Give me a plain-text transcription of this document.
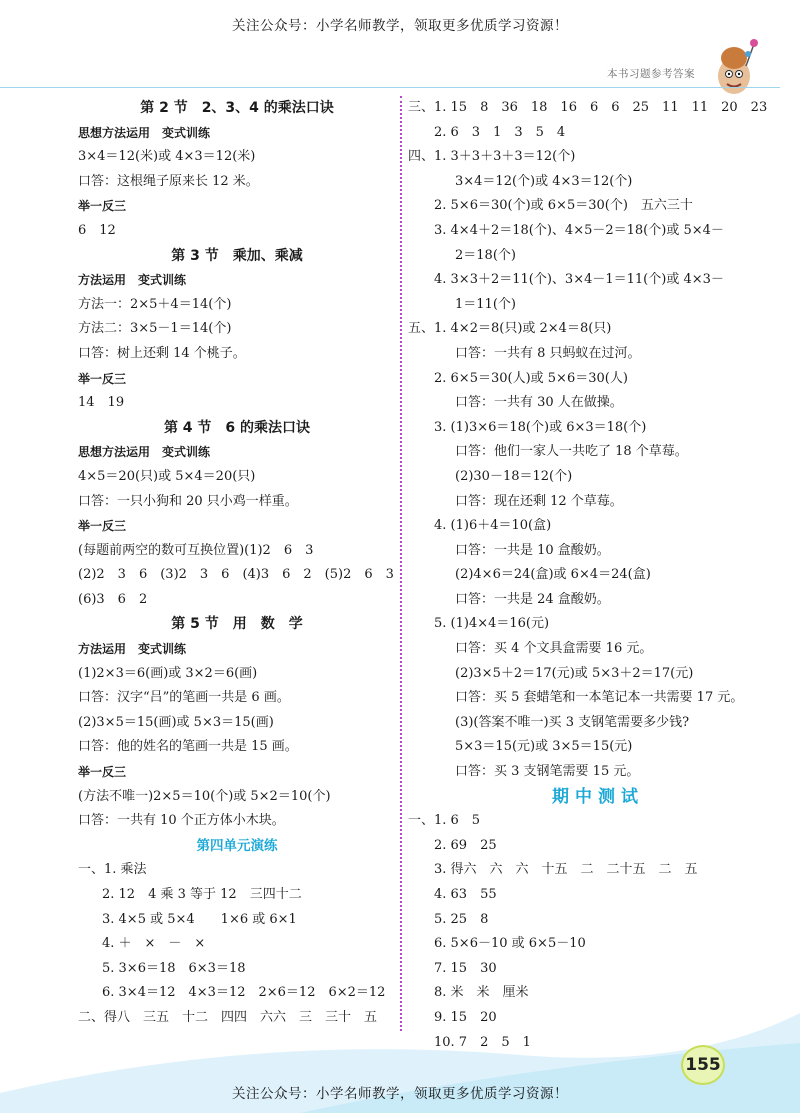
关注公众号：小学名师教学，领取更多优质学习资源！
本书习题参考答案
第 2 节　2、3、4 的乘法口诀
思想方法运用　变式训练
3×4＝12(米)或 4×3＝12(米)
口答：这根绳子原来长 12 米。
举一反三
6　12
第 3 节　乘加、乘减
方法运用　变式训练
方法一：2×5＋4＝14(个)
方法二：3×5－1＝14(个)
口答：树上还剩 14 个桃子。
举一反三
14　19
第 4 节　6 的乘法口诀
思想方法运用　变式训练
4×5＝20(只)或 5×4＝20(只)
口答：一只小狗和 20 只小鸡一样重。
举一反三
(每题前两空的数可互换位置)(1)2　6　3
(2)2　3　6　(3)2　3　6　(4)3　6　2　(5)2　6　3
(6)3　6　2
第 5 节　用　数　学
方法运用　变式训练
(1)2×3＝6(画)或 3×2＝6(画)
口答：汉字“吕”的笔画一共是 6 画。
(2)3×5＝15(画)或 5×3＝15(画)
口答：他的姓名的笔画一共是 15 画。
举一反三
(方法不唯一)2×5＝10(个)或 5×2＝10(个)
口答：一共有 10 个正方体小木块。
第四单元演练
一、1. 乘法
2. 12　4 乘 3 等于 12　三四十二
3. 4×5 或 5×4　　1×6 或 6×1
4. ＋　×　－　×
5. 3×6＝18　6×3＝18
6. 3×4＝12　4×3＝12　2×6＝12　6×2＝12
二、得八　三五　十二　四四　六六　三　三十　五
三、1. 15　8　36　18　16　6　6　25　11　11　20　23
2. 6　3　1　3　5　4
四、1. 3＋3＋3＋3＝12(个)
3×4＝12(个)或 4×3＝12(个)
2. 5×6＝30(个)或 6×5＝30(个)　五六三十
3. 4×4＋2＝18(个)、4×5－2＝18(个)或 5×4－
2＝18(个)
4. 3×3＋2＝11(个)、3×4－1＝11(个)或 4×3－
1＝11(个)
五、1. 4×2＝8(只)或 2×4＝8(只)
口答：一共有 8 只蚂蚁在过河。
2. 6×5＝30(人)或 5×6＝30(人)
口答：一共有 30 人在做操。
3. (1)3×6＝18(个)或 6×3＝18(个)
口答：他们一家人一共吃了 18 个草莓。
(2)30－18＝12(个)
口答：现在还剩 12 个草莓。
4. (1)6＋4＝10(盒)
口答：一共是 10 盒酸奶。
(2)4×6＝24(盒)或 6×4＝24(盒)
口答：一共是 24 盒酸奶。
5. (1)4×4＝16(元)
口答：买 4 个文具盒需要 16 元。
(2)3×5＋2＝17(元)或 5×3＋2＝17(元)
口答：买 5 套蜡笔和一本笔记本一共需要 17 元。
(3)(答案不唯一)买 3 支钢笔需要多少钱?
5×3＝15(元)或 3×5＝15(元)
口答：买 3 支钢笔需要 15 元。
期中测试
一、1. 6　5
2. 69　25
3. 得六　六　六　十五　二　二十五　二　五
4. 63　55
5. 25　8
6. 5×6－10 或 6×5－10
7. 15　30
8. 米　米　厘米
9. 15　20
10. 7　2　5　1
155
关注公众号：小学名师教学，领取更多优质学习资源！
